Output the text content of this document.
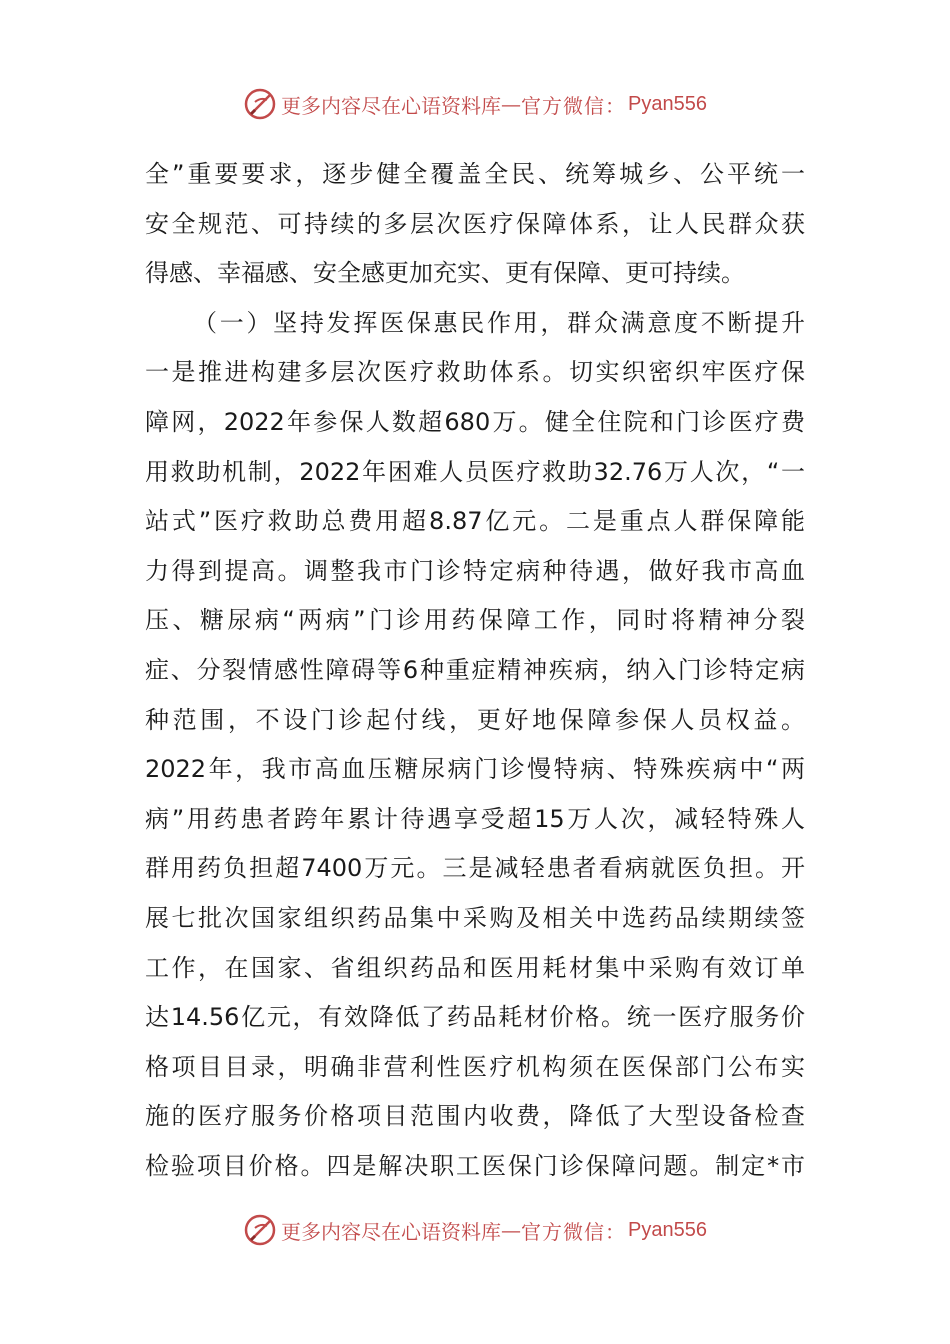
更多内容尽在心语资料库 — 官方微信： Pyan556
全”重要要求，逐步健全覆盖全民、统筹城乡、公平统一
安全规范、可持续的多层次医疗保障体系，让人民群众获
得感、幸福感、安全感更加充实、更有保障、更可持续。
（一）坚持发挥医保惠民作用，群众满意度不断提升
一是推进构建多层次医疗救助体系。切实织密织牢医疗保
障网，2022年参保人数超680万。健全住院和门诊医疗费
用救助机制，2022年困难人员医疗救助32.76万人次，“一
站式”医疗救助总费用超8.87亿元。二是重点人群保障能
力得到提高。调整我市门诊特定病种待遇，做好我市高血
压、糖尿病“两病”门诊用药保障工作，同时将精神分裂
症、分裂情感性障碍等6种重症精神疾病，纳入门诊特定病
种范围，不设门诊起付线，更好地保障参保人员权益。
2022年，我市高血压糖尿病门诊慢特病、特殊疾病中“两
病”用药患者跨年累计待遇享受超15万人次，减轻特殊人
群用药负担超7400万元。三是减轻患者看病就医负担。开
展七批次国家组织药品集中采购及相关中选药品续期续签
工作，在国家、省组织药品和医用耗材集中采购有效订单
达14.56亿元，有效降低了药品耗材价格。统一医疗服务价
格项目目录，明确非营利性医疗机构须在医保部门公布实
施的医疗服务价格项目范围内收费，降低了大型设备检查
检验项目价格。四是解决职工医保门诊保障问题。制定*市
更多内容尽在心语资料库 — 官方微信： Pyan556
